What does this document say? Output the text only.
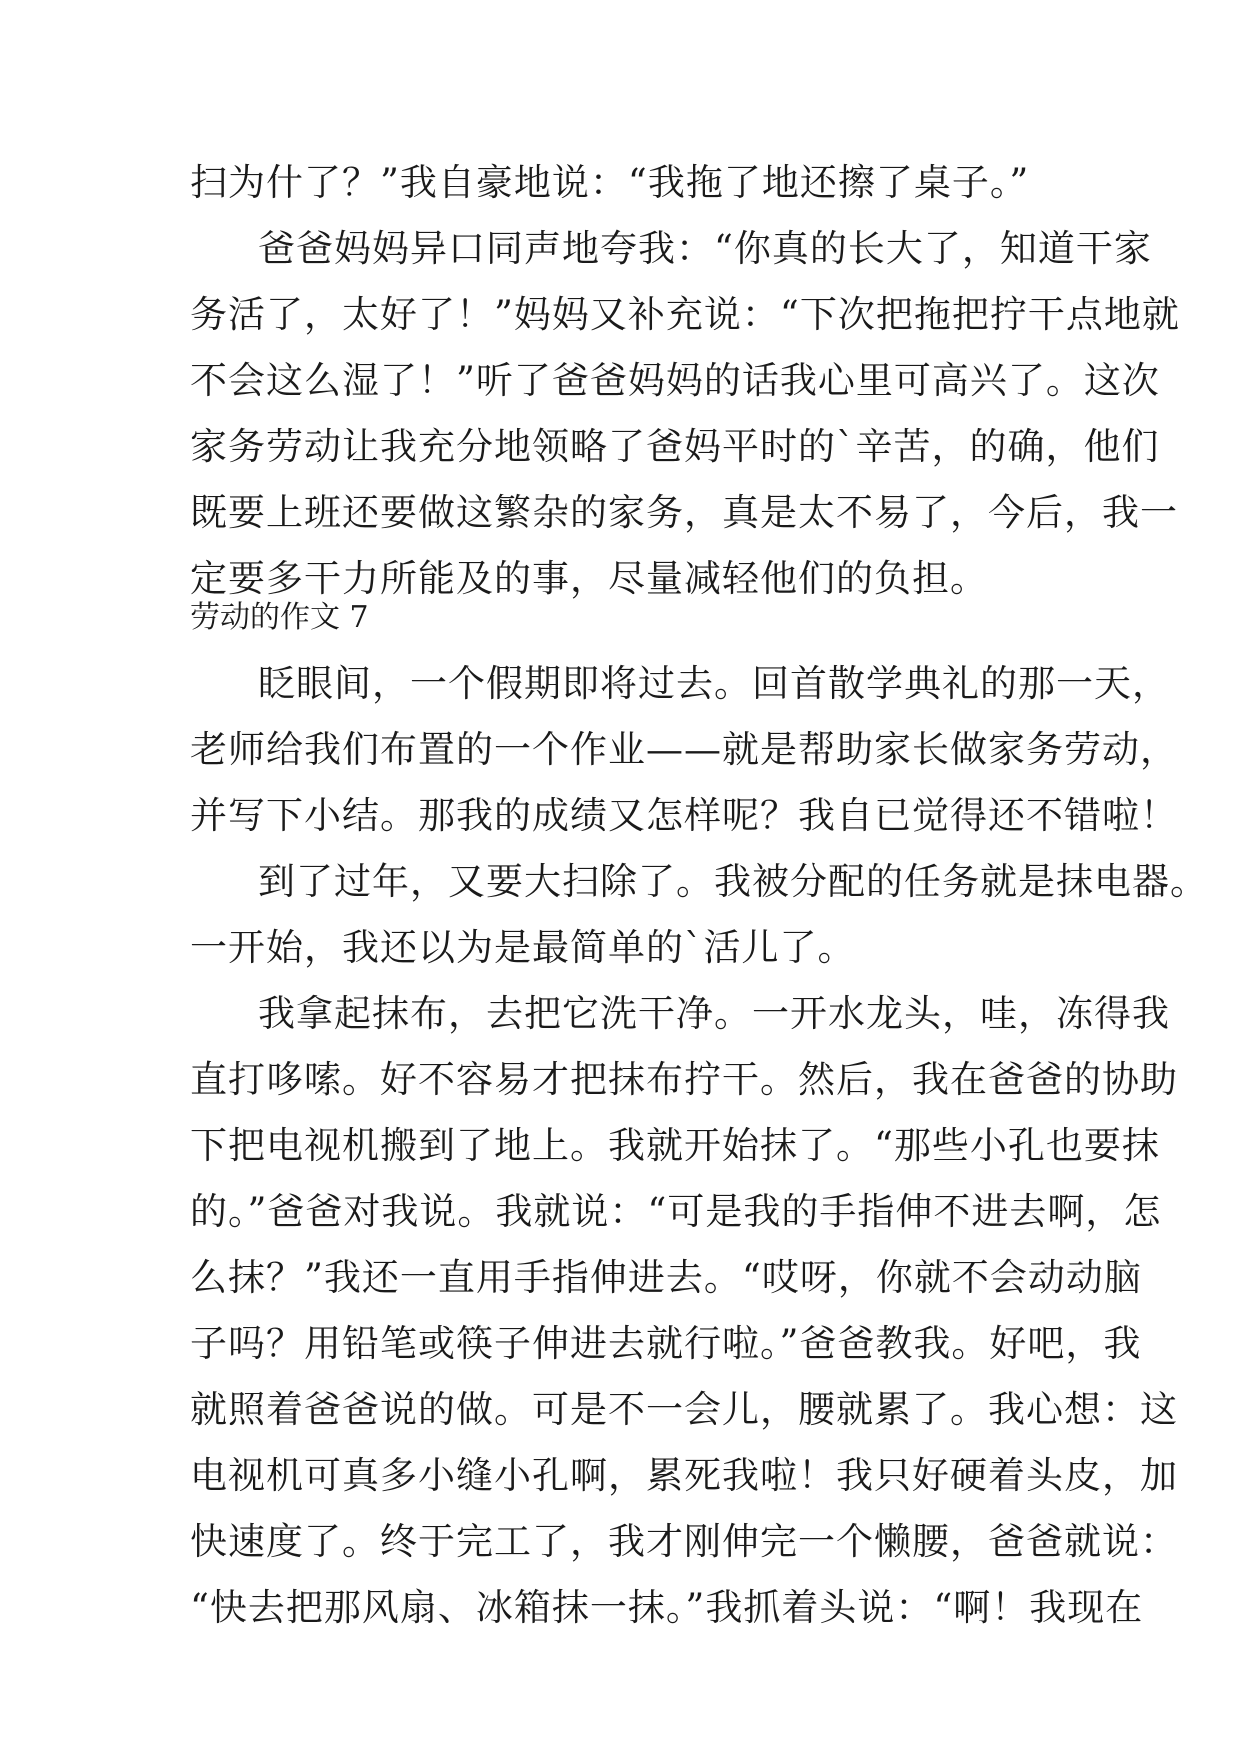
扫为什了？”我自豪地说：“我拖了地还擦了桌子。”
爸爸妈妈异口同声地夸我：“你真的长大了，知道干家
务活了，太好了！”妈妈又补充说：“下次把拖把拧干点地就
不会这么湿了！”听了爸爸妈妈的话我心里可高兴了。这次
家务劳动让我充分地领略了爸妈平时的`辛苦，的确，他们
既要上班还要做这繁杂的家务，真是太不易了，今后，我一
定要多干力所能及的事，尽量减轻他们的负担。
劳动的作文 7
眨眼间，一个假期即将过去。回首散学典礼的那一天，
老师给我们布置的一个作业——就是帮助家长做家务劳动，
并写下小结。那我的成绩又怎样呢？我自已觉得还不错啦！
到了过年，又要大扫除了。我被分配的任务就是抹电器。
一开始，我还以为是最简单的`活儿了。
我拿起抹布，去把它洗干净。一开水龙头，哇，冻得我
直打哆嗦。好不容易才把抹布拧干。然后，我在爸爸的协助
下把电视机搬到了地上。我就开始抹了。“那些小孔也要抹
的。”爸爸对我说。我就说：“可是我的手指伸不进去啊，怎
么抹？”我还一直用手指伸进去。“哎呀，你就不会动动脑
子吗？用铅笔或筷子伸进去就行啦。”爸爸教我。好吧，我
就照着爸爸说的做。可是不一会儿，腰就累了。我心想：这
电视机可真多小缝小孔啊，累死我啦！我只好硬着头皮，加
快速度了。终于完工了，我才刚伸完一个懒腰，爸爸就说：
“快去把那风扇、冰箱抹一抹。”我抓着头说：“啊！我现在
